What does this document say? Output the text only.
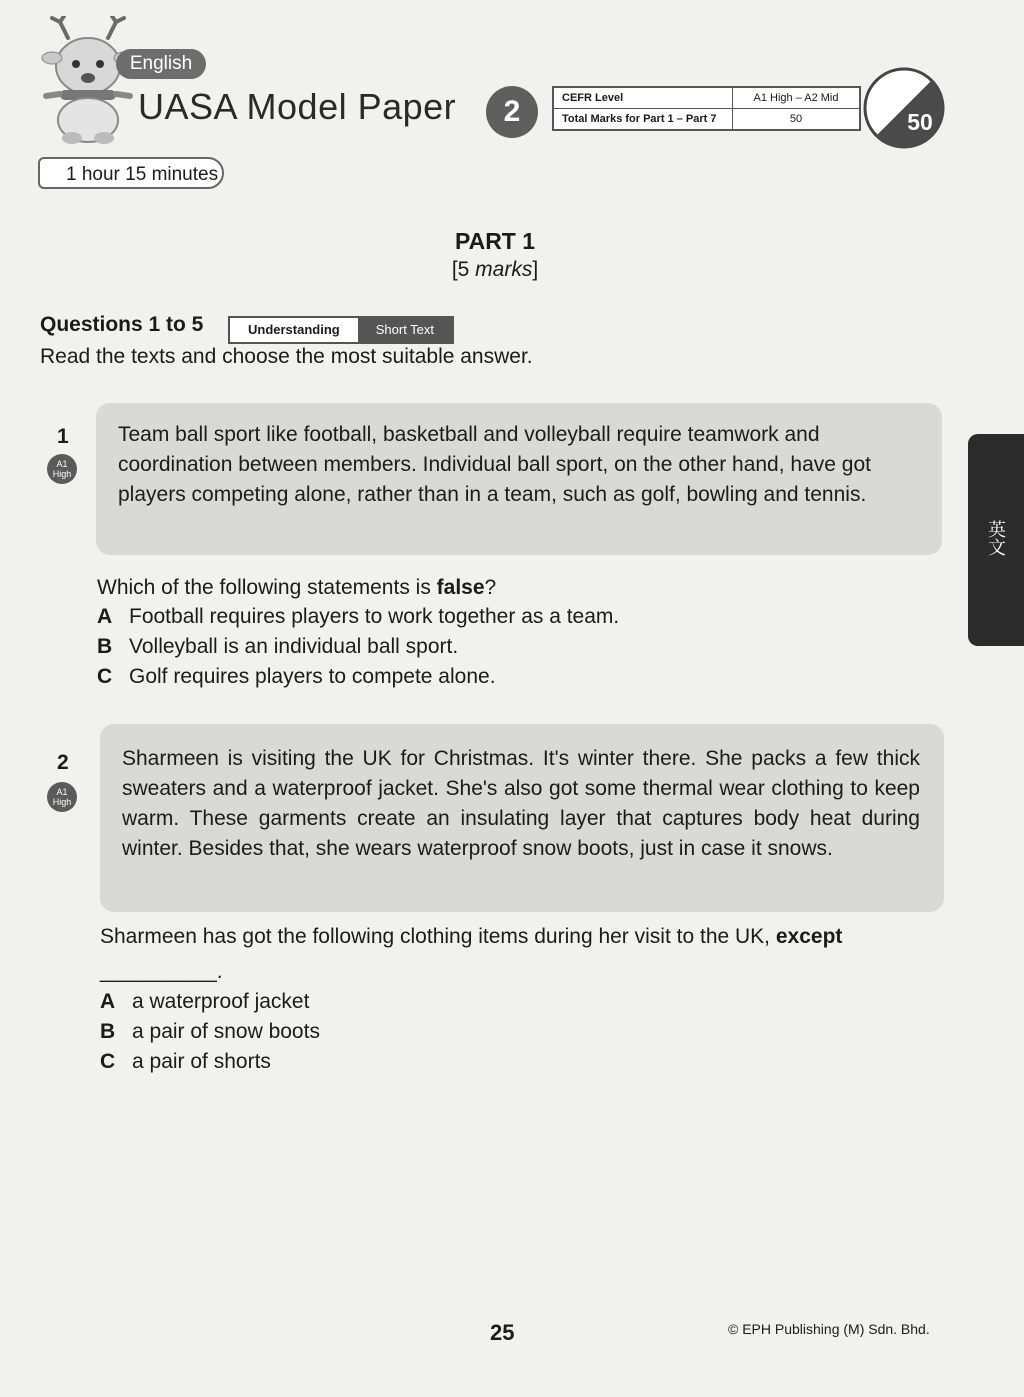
English
UASA Model Paper	2	CEFR Level	A1 High – A2 Mid
Total Marks for Part 1 – Part 7	50	50
1 hour 15 minutes
PART 1
[5 marks]
Questions 1 to 5	Understanding	Short Text
Read the texts and choose the most suitable answer.
1
A1
High
Team ball sport like football, basketball and volleyball require teamwork and coordination between members. Individual ball sport, on the other hand, have got players competing alone, rather than in a team, such as golf, bowling and tennis.
Which of the following statements is false?
A Football requires players to work together as a team.
B Volleyball is an individual ball sport.
C Golf requires players to compete alone.
2
A1
High
Sharmeen is visiting the UK for Christmas. It's winter there. She packs a few thick sweaters and a waterproof jacket. She's also got some thermal wear clothing to keep warm. These garments create an insulating layer that captures body heat during winter. Besides that, she wears waterproof snow boots, just in case it snows.
Sharmeen has got the following clothing items during her visit to the UK, except
__________.
A a waterproof jacket
B a pair of snow boots
C a pair of shorts
英文
25	© EPH Publishing (M) Sdn. Bhd.
